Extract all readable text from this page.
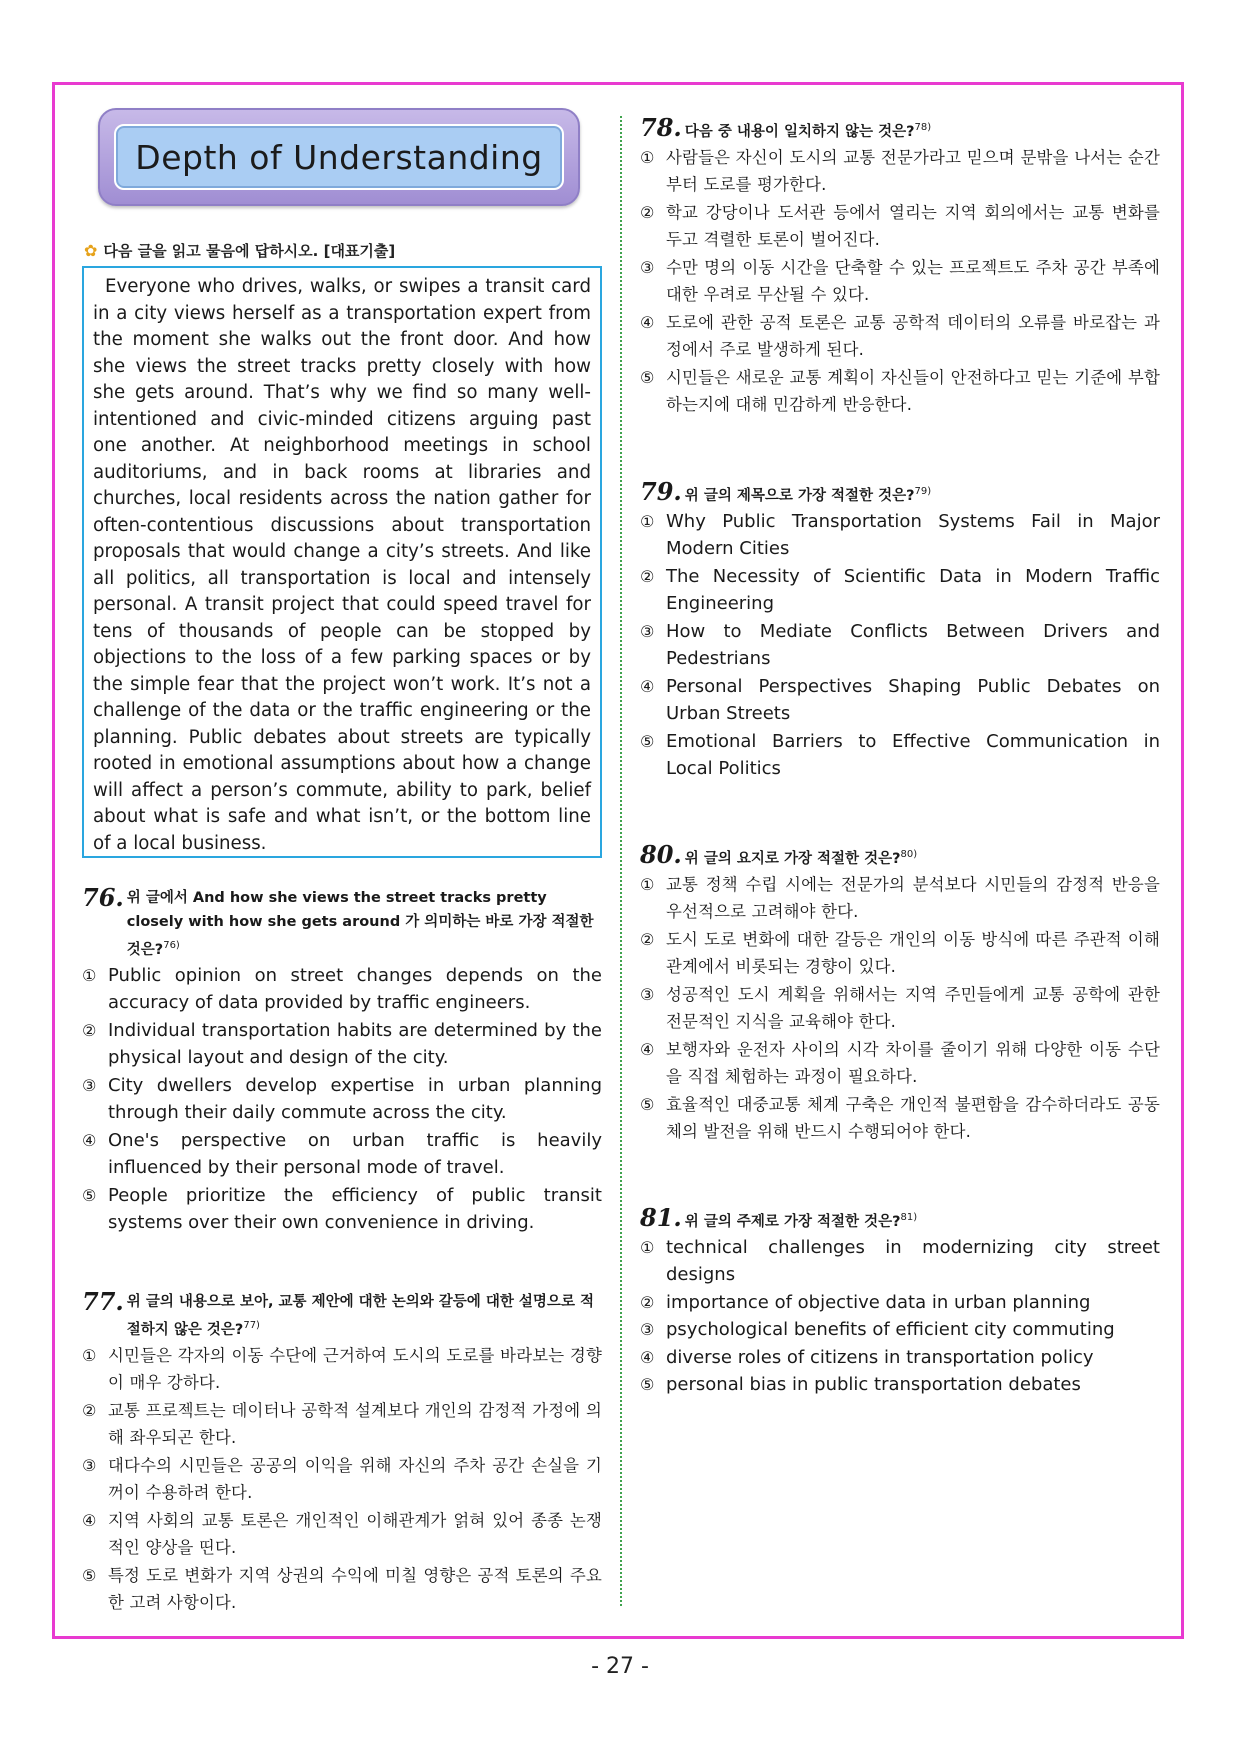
Depth of Understanding
✿ 다음 글을 읽고 물음에 답하시오. [대표기출]
Everyone who drives, walks, or swipes a transit card in a city views herself as a transportation expert from the moment she walks out the front door. And how she views the street tracks pretty closely with how she gets around. That’s why we find so many well-intentioned and civic-minded citizens arguing past one another. At neighborhood meetings in school auditoriums, and in back rooms at libraries and churches, local residents across the nation gather for often-contentious discussions about transportation proposals that would change a city’s streets. And like all politics, all transportation is local and intensely personal. A transit project that could speed travel for tens of thousands of people can be stopped by objections to the loss of a few parking spaces or by the simple fear that the project won’t work. It’s not a challenge of the data or the traffic engineering or the planning. Public debates about streets are typically rooted in emotional assumptions about how a change will affect a person’s commute, ability to park, belief about what is safe and what isn’t, or the bottom line of a local business.
76. 위 글에서 And how she views the street tracks pretty closely with how she gets around 가 의미하는 바로 가장 적절한 것은?$^{76)}$
① Public opinion on street changes depends on the accuracy of data provided by traffic engineers.
② Individual transportation habits are determined by the physical layout and design of the city.
③ City dwellers develop expertise in urban planning through their daily commute across the city.
④ One's perspective on urban traffic is heavily influenced by their personal mode of travel.
⑤ People prioritize the efficiency of public transit systems over their own convenience in driving.
77. 위 글의 내용으로 보아, 교통 제안에 대한 논의와 갈등에 대한 설명으로 적절하지 않은 것은?$^{77)}$
① 시민들은 각자의 이동 수단에 근거하여 도시의 도로를 바라보는 경향이 매우 강하다.
② 교통 프로젝트는 데이터나 공학적 설계보다 개인의 감정적 가정에 의해 좌우되곤 한다.
③ 대다수의 시민들은 공공의 이익을 위해 자신의 주차 공간 손실을 기꺼이 수용하려 한다.
④ 지역 사회의 교통 토론은 개인적인 이해관계가 얽혀 있어 종종 논쟁적인 양상을 띤다.
⑤ 특정 도로 변화가 지역 상권의 수익에 미칠 영향은 공적 토론의 주요한 고려 사항이다.
78. 다음 중 내용이 일치하지 않는 것은?$^{78)}$
① 사람들은 자신이 도시의 교통 전문가라고 믿으며 문밖을 나서는 순간부터 도로를 평가한다.
② 학교 강당이나 도서관 등에서 열리는 지역 회의에서는 교통 변화를 두고 격렬한 토론이 벌어진다.
③ 수만 명의 이동 시간을 단축할 수 있는 프로젝트도 주차 공간 부족에 대한 우려로 무산될 수 있다.
④ 도로에 관한 공적 토론은 교통 공학적 데이터의 오류를 바로잡는 과정에서 주로 발생하게 된다.
⑤ 시민들은 새로운 교통 계획이 자신들이 안전하다고 믿는 기준에 부합하는지에 대해 민감하게 반응한다.
79. 위 글의 제목으로 가장 적절한 것은?$^{79)}$
① Why Public Transportation Systems Fail in Major Modern Cities
② The Necessity of Scientific Data in Modern Traffic Engineering
③ How to Mediate Conflicts Between Drivers and Pedestrians
④ Personal Perspectives Shaping Public Debates on Urban Streets
⑤ Emotional Barriers to Effective Communication in Local Politics
80. 위 글의 요지로 가장 적절한 것은?$^{80)}$
① 교통 정책 수립 시에는 전문가의 분석보다 시민들의 감정적 반응을 우선적으로 고려해야 한다.
② 도시 도로 변화에 대한 갈등은 개인의 이동 방식에 따른 주관적 이해관계에서 비롯되는 경향이 있다.
③ 성공적인 도시 계획을 위해서는 지역 주민들에게 교통 공학에 관한 전문적인 지식을 교육해야 한다.
④ 보행자와 운전자 사이의 시각 차이를 줄이기 위해 다양한 이동 수단을 직접 체험하는 과정이 필요하다.
⑤ 효율적인 대중교통 체계 구축은 개인적 불편함을 감수하더라도 공동체의 발전을 위해 반드시 수행되어야 한다.
81. 위 글의 주제로 가장 적절한 것은?$^{81)}$
① technical challenges in modernizing city street designs
② importance of objective data in urban planning
③ psychological benefits of efficient city commuting
④ diverse roles of citizens in transportation policy
⑤ personal bias in public transportation debates
- 27 -
